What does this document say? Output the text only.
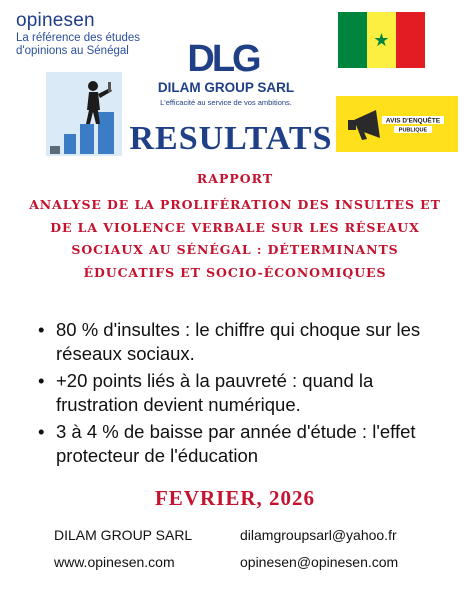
opinesen
La référence des études
d'opinions au Sénégal
★
DLG
DILAM GROUP SARL
L'efficacité au service de vos ambitions.
AVIS D'ENQUÊTE
PUBLIQUE
RESULTATS
RAPPORT
ANALYSE DE LA PROLIFÉRATION DES INSULTES ET DE LA VIOLENCE VERBALE SUR LES RÉSEAUX SOCIAUX AU SÉNÉGAL : DÉTERMINANTS ÉDUCATIFS ET SOCIO-ÉCONOMIQUES
• 80 % d'insultes : le chiffre qui choque sur les réseaux sociaux.
• +20 points liés à la pauvreté : quand la frustration devient numérique.
• 3 à 4 % de baisse par année d'étude : l'effet protecteur de l'éducation
FEVRIER, 2026
DILAM GROUP SARL	dilamgroupsarl@yahoo.fr
www.opinesen.com	opinesen@opinesen.com
